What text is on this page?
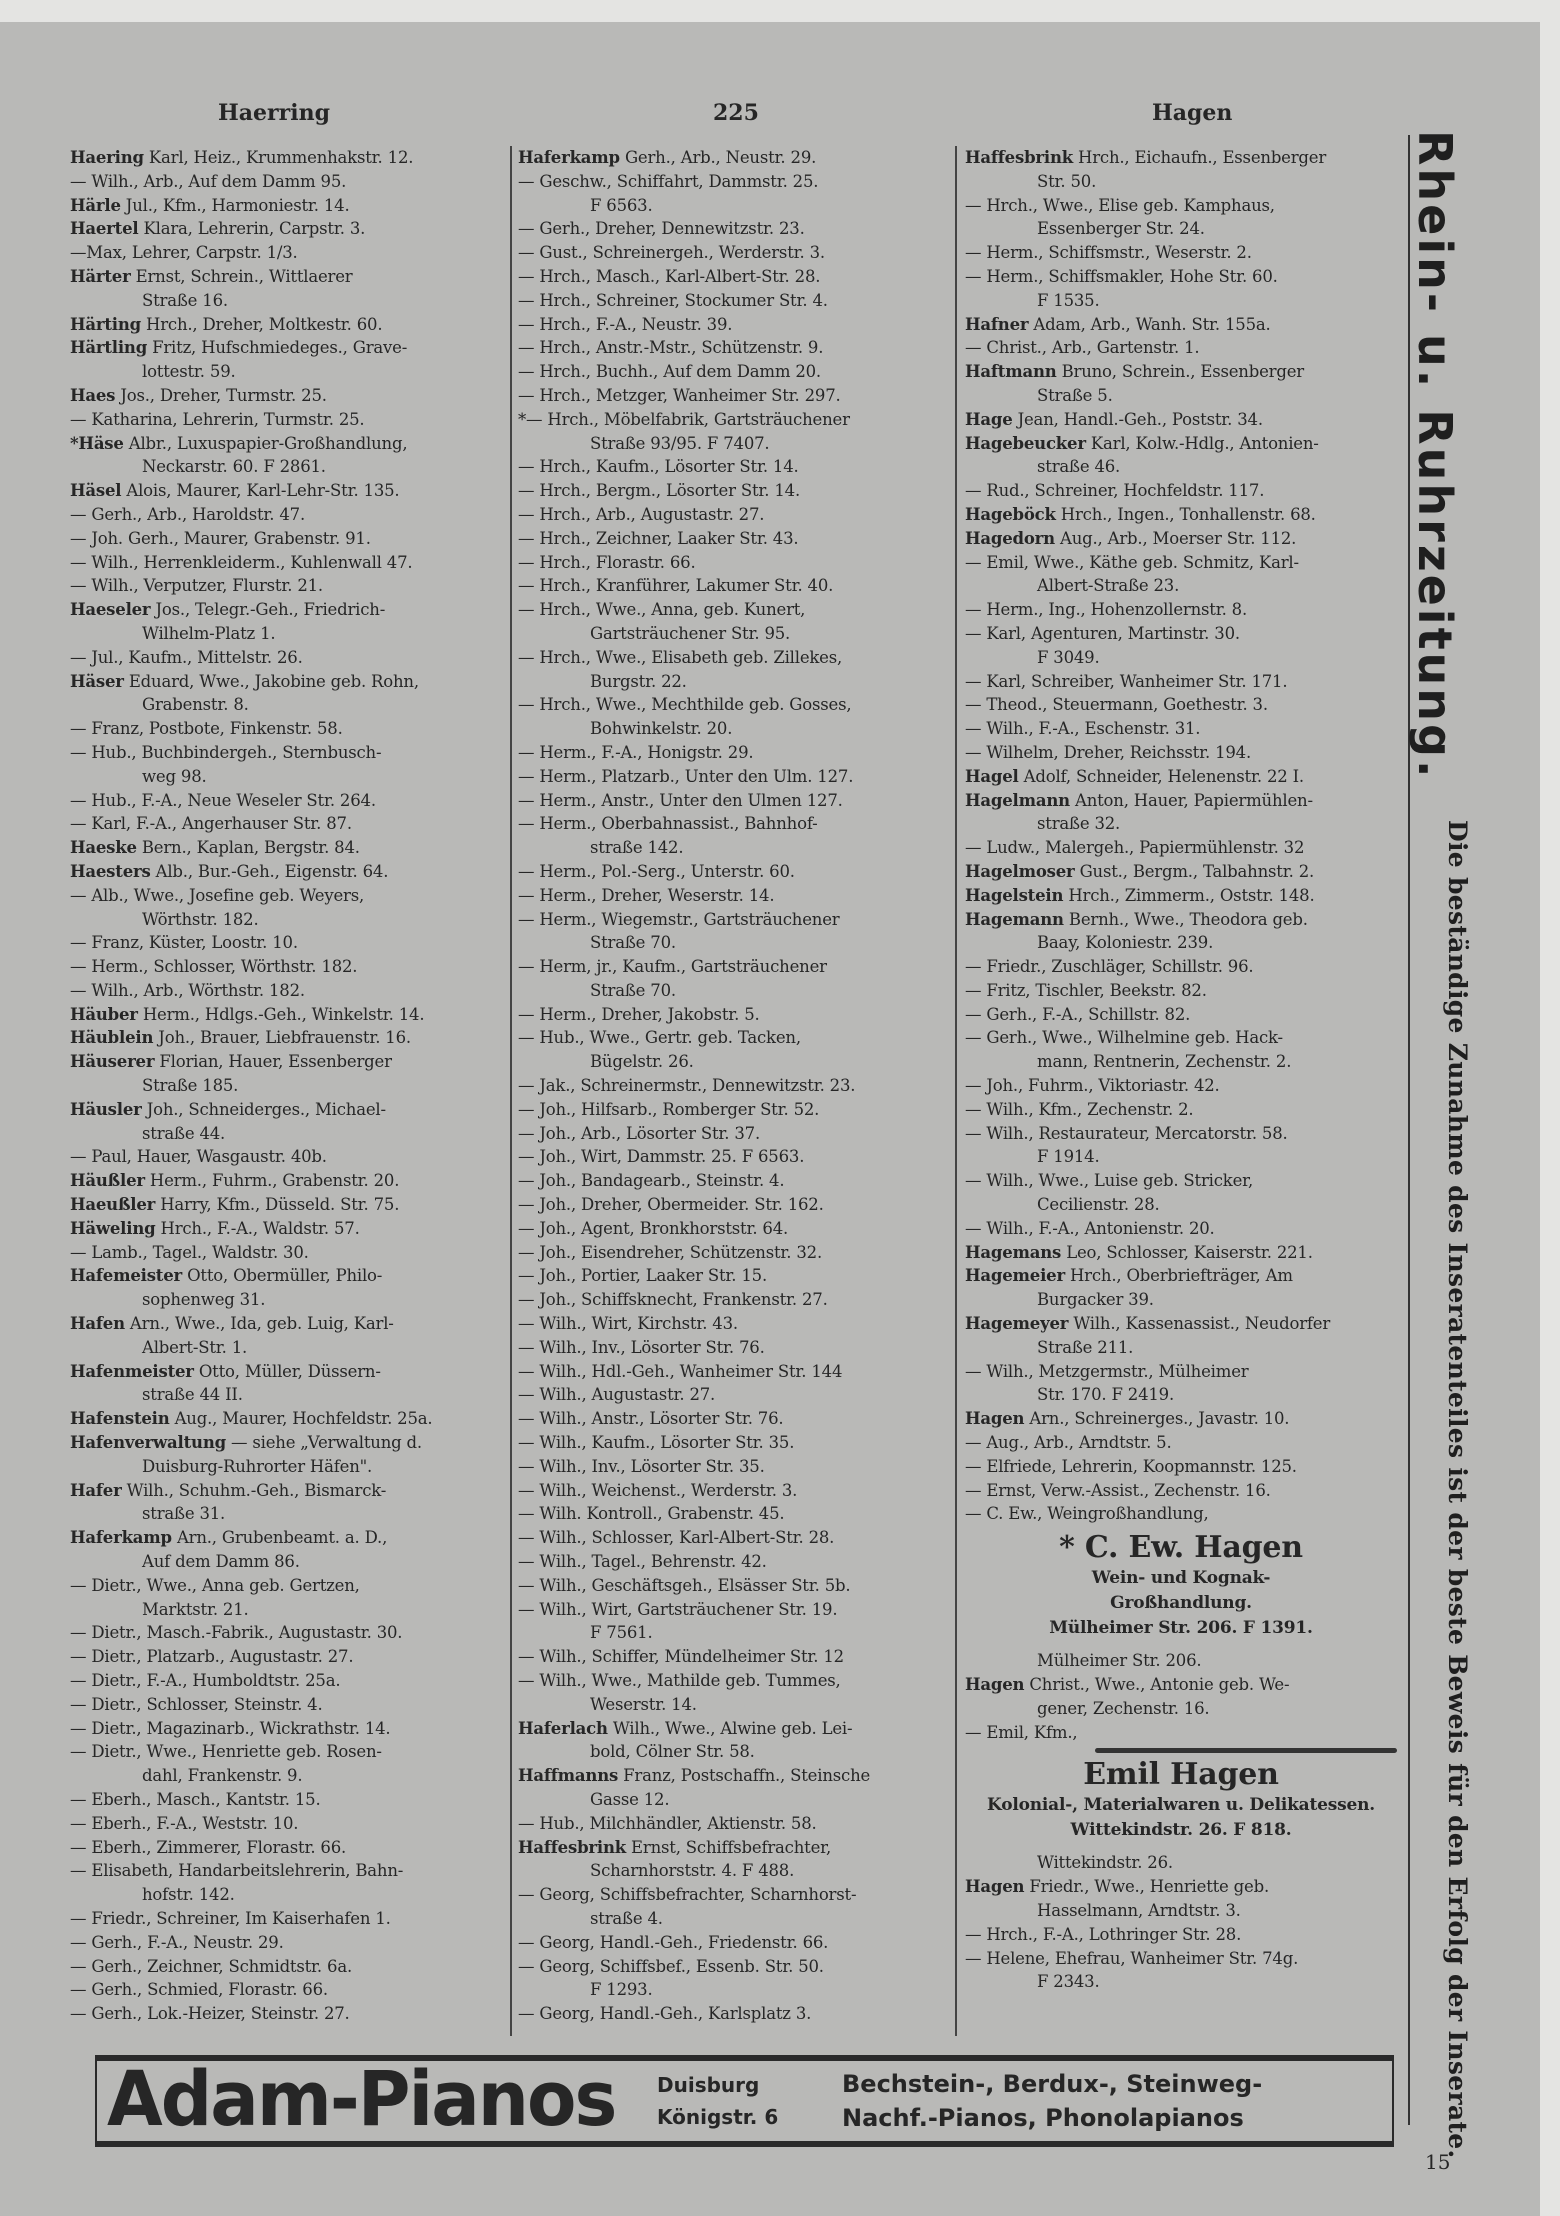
Haerring	225	Hagen
Haering Karl, Heiz., Krummenhakstr. 12.
— Wilh., Arb., Auf dem Damm 95.
Härle Jul., Kfm., Harmoniestr. 14.
Haertel Klara, Lehrerin, Carpstr. 3.
—Max, Lehrer, Carpstr. 1/3.
Härter Ernst, Schrein., Wittlaerer
Straße 16.
Härting Hrch., Dreher, Moltkestr. 60.
Härtling Fritz, Hufschmiedeges., Grave-
lottestr. 59.
Haes Jos., Dreher, Turmstr. 25.
— Katharina, Lehrerin, Turmstr. 25.
*Häse Albr., Luxuspapier-Großhandlung,
Neckarstr. 60. F 2861.
Häsel Alois, Maurer, Karl-Lehr-Str. 135.
— Gerh., Arb., Haroldstr. 47.
— Joh. Gerh., Maurer, Grabenstr. 91.
— Wilh., Herrenkleiderm., Kuhlenwall 47.
— Wilh., Verputzer, Flurstr. 21.
Haeseler Jos., Telegr.-Geh., Friedrich-
Wilhelm-Platz 1.
— Jul., Kaufm., Mittelstr. 26.
Häser Eduard, Wwe., Jakobine geb. Rohn,
Grabenstr. 8.
— Franz, Postbote, Finkenstr. 58.
— Hub., Buchbindergeh., Sternbusch-
weg 98.
— Hub., F.-A., Neue Weseler Str. 264.
— Karl, F.-A., Angerhauser Str. 87.
Haeske Bern., Kaplan, Bergstr. 84.
Haesters Alb., Bur.-Geh., Eigenstr. 64.
— Alb., Wwe., Josefine geb. Weyers,
Wörthstr. 182.
— Franz, Küster, Loostr. 10.
— Herm., Schlosser, Wörthstr. 182.
— Wilh., Arb., Wörthstr. 182.
Häuber Herm., Hdlgs.-Geh., Winkelstr. 14.
Häublein Joh., Brauer, Liebfrauenstr. 16.
Häuserer Florian, Hauer, Essenberger
Straße 185.
Häusler Joh., Schneiderges., Michael-
straße 44.
— Paul, Hauer, Wasgaustr. 40b.
Häußler Herm., Fuhrm., Grabenstr. 20.
Haeußler Harry, Kfm., Düsseld. Str. 75.
Häweling Hrch., F.-A., Waldstr. 57.
— Lamb., Tagel., Waldstr. 30.
Hafemeister Otto, Obermüller, Philo-
sophenweg 31.
Hafen Arn., Wwe., Ida, geb. Luig, Karl-
Albert-Str. 1.
Hafenmeister Otto, Müller, Düssern-
straße 44 II.
Hafenstein Aug., Maurer, Hochfeldstr. 25a.
Hafenverwaltung — siehe „Verwaltung d.
Duisburg-Ruhrorter Häfen".
Hafer Wilh., Schuhm.-Geh., Bismarck-
straße 31.
Haferkamp Arn., Grubenbeamt. a. D.,
Auf dem Damm 86.
— Dietr., Wwe., Anna geb. Gertzen,
Marktstr. 21.
— Dietr., Masch.-Fabrik., Augustastr. 30.
— Dietr., Platzarb., Augustastr. 27.
— Dietr., F.-A., Humboldtstr. 25a.
— Dietr., Schlosser, Steinstr. 4.
— Dietr., Magazinarb., Wickrathstr. 14.
— Dietr., Wwe., Henriette geb. Rosen-
dahl, Frankenstr. 9.
— Eberh., Masch., Kantstr. 15.
— Eberh., F.-A., Weststr. 10.
— Eberh., Zimmerer, Florastr. 66.
— Elisabeth, Handarbeitslehrerin, Bahn-
hofstr. 142.
— Friedr., Schreiner, Im Kaiserhafen 1.
— Gerh., F.-A., Neustr. 29.
— Gerh., Zeichner, Schmidtstr. 6a.
— Gerh., Schmied, Florastr. 66.
— Gerh., Lok.-Heizer, Steinstr. 27.
Haferkamp Gerh., Arb., Neustr. 29.
— Geschw., Schiffahrt, Dammstr. 25.
F 6563.
— Gerh., Dreher, Dennewitzstr. 23.
— Gust., Schreinergeh., Werderstr. 3.
— Hrch., Masch., Karl-Albert-Str. 28.
— Hrch., Schreiner, Stockumer Str. 4.
— Hrch., F.-A., Neustr. 39.
— Hrch., Anstr.-Mstr., Schützenstr. 9.
— Hrch., Buchh., Auf dem Damm 20.
— Hrch., Metzger, Wanheimer Str. 297.
*— Hrch., Möbelfabrik, Gartsträuchener
Straße 93/95. F 7407.
— Hrch., Kaufm., Lösorter Str. 14.
— Hrch., Bergm., Lösorter Str. 14.
— Hrch., Arb., Augustastr. 27.
— Hrch., Zeichner, Laaker Str. 43.
— Hrch., Florastr. 66.
— Hrch., Kranführer, Lakumer Str. 40.
— Hrch., Wwe., Anna, geb. Kunert,
Gartsträuchener Str. 95.
— Hrch., Wwe., Elisabeth geb. Zillekes,
Burgstr. 22.
— Hrch., Wwe., Mechthilde geb. Gosses,
Bohwinkelstr. 20.
— Herm., F.-A., Honigstr. 29.
— Herm., Platzarb., Unter den Ulm. 127.
— Herm., Anstr., Unter den Ulmen 127.
— Herm., Oberbahnassist., Bahnhof-
straße 142.
— Herm., Pol.-Serg., Unterstr. 60.
— Herm., Dreher, Weserstr. 14.
— Herm., Wiegemstr., Gartsträuchener
Straße 70.
— Herm, jr., Kaufm., Gartsträuchener
Straße 70.
— Herm., Dreher, Jakobstr. 5.
— Hub., Wwe., Gertr. geb. Tacken,
Bügelstr. 26.
— Jak., Schreinermstr., Dennewitzstr. 23.
— Joh., Hilfsarb., Romberger Str. 52.
— Joh., Arb., Lösorter Str. 37.
— Joh., Wirt, Dammstr. 25. F 6563.
— Joh., Bandagearb., Steinstr. 4.
— Joh., Dreher, Obermeider. Str. 162.
— Joh., Agent, Bronkhorststr. 64.
— Joh., Eisendreher, Schützenstr. 32.
— Joh., Portier, Laaker Str. 15.
— Joh., Schiffsknecht, Frankenstr. 27.
— Wilh., Wirt, Kirchstr. 43.
— Wilh., Inv., Lösorter Str. 76.
— Wilh., Hdl.-Geh., Wanheimer Str. 144
— Wilh., Augustastr. 27.
— Wilh., Anstr., Lösorter Str. 76.
— Wilh., Kaufm., Lösorter Str. 35.
— Wilh., Inv., Lösorter Str. 35.
— Wilh., Weichenst., Werderstr. 3.
— Wilh. Kontroll., Grabenstr. 45.
— Wilh., Schlosser, Karl-Albert-Str. 28.
— Wilh., Tagel., Behrenstr. 42.
— Wilh., Geschäftsgeh., Elsässer Str. 5b.
— Wilh., Wirt, Gartsträuchener Str. 19.
F 7561.
— Wilh., Schiffer, Mündelheimer Str. 12
— Wilh., Wwe., Mathilde geb. Tummes,
Weserstr. 14.
Haferlach Wilh., Wwe., Alwine geb. Lei-
bold, Cölner Str. 58.
Haffmanns Franz, Postschaffn., Steinsche
Gasse 12.
— Hub., Milchhändler, Aktienstr. 58.
Haffesbrink Ernst, Schiffsbefrachter,
Scharnhorststr. 4. F 488.
— Georg, Schiffsbefrachter, Scharnhorst-
straße 4.
— Georg, Handl.-Geh., Friedenstr. 66.
— Georg, Schiffsbef., Essenb. Str. 50.
F 1293.
— Georg, Handl.-Geh., Karlsplatz 3.
Haffesbrink Hrch., Eichaufn., Essenberger
Str. 50.
— Hrch., Wwe., Elise geb. Kamphaus,
Essenberger Str. 24.
— Herm., Schiffsmstr., Weserstr. 2.
— Herm., Schiffsmakler, Hohe Str. 60.
F 1535.
Hafner Adam, Arb., Wanh. Str. 155a.
— Christ., Arb., Gartenstr. 1.
Haftmann Bruno, Schrein., Essenberger
Straße 5.
Hage Jean, Handl.-Geh., Poststr. 34.
Hagebeucker Karl, Kolw.-Hdlg., Antonien-
straße 46.
— Rud., Schreiner, Hochfeldstr. 117.
Hageböck Hrch., Ingen., Tonhallenstr. 68.
Hagedorn Aug., Arb., Moerser Str. 112.
— Emil, Wwe., Käthe geb. Schmitz, Karl-
Albert-Straße 23.
— Herm., Ing., Hohenzollernstr. 8.
— Karl, Agenturen, Martinstr. 30.
F 3049.
— Karl, Schreiber, Wanheimer Str. 171.
— Theod., Steuermann, Goethestr. 3.
— Wilh., F.-A., Eschenstr. 31.
— Wilhelm, Dreher, Reichsstr. 194.
Hagel Adolf, Schneider, Helenenstr. 22 I.
Hagelmann Anton, Hauer, Papiermühlen-
straße 32.
— Ludw., Malergeh., Papiermühlenstr. 32
Hagelmoser Gust., Bergm., Talbahnstr. 2.
Hagelstein Hrch., Zimmerm., Oststr. 148.
Hagemann Bernh., Wwe., Theodora geb.
Baay, Koloniestr. 239.
— Friedr., Zuschläger, Schillstr. 96.
— Fritz, Tischler, Beekstr. 82.
— Gerh., F.-A., Schillstr. 82.
— Gerh., Wwe., Wilhelmine geb. Hack-
mann, Rentnerin, Zechenstr. 2.
— Joh., Fuhrm., Viktoriastr. 42.
— Wilh., Kfm., Zechenstr. 2.
— Wilh., Restaurateur, Mercatorstr. 58.
F 1914.
— Wilh., Wwe., Luise geb. Stricker,
Cecilienstr. 28.
— Wilh., F.-A., Antonienstr. 20.
Hagemans Leo, Schlosser, Kaiserstr. 221.
Hagemeier Hrch., Oberbriefträger, Am
Burgacker 39.
Hagemeyer Wilh., Kassenassist., Neudorfer
Straße 211.
— Wilh., Metzgermstr., Mülheimer
Str. 170. F 2419.
Hagen Arn., Schreinerges., Javastr. 10.
— Aug., Arb., Arndtstr. 5.
— Elfriede, Lehrerin, Koopmannstr. 125.
— Ernst, Verw.-Assist., Zechenstr. 16.
— C. Ew., Weingroßhandlung,
* C. Ew. Hagen
Wein- und Kognak-
Großhandlung.
Mülheimer Str. 206. F 1391.
Mülheimer Str. 206.
Hagen Christ., Wwe., Antonie geb. We-
gener, Zechenstr. 16.
— Emil, Kfm.,
Emil Hagen
Kolonial-, Materialwaren u. Delikatessen.
Wittekindstr. 26. F 818.
Wittekindstr. 26.
Hagen Friedr., Wwe., Henriette geb.
Hasselmann, Arndtstr. 3.
— Hrch., F.-A., Lothringer Str. 28.
— Helene, Ehefrau, Wanheimer Str. 74g.
F 2343.
Rhein- u. Ruhrzeitung.
Die beständige Zunahme des Inseratenteiles ist der beste Beweis für den Erfolg der Inserate.
Adam-Pianos Duisburg
Königstr. 6
Bechstein-, Berdux-, Steinweg-
Nachf.-Pianos, Phonolapianos
15
